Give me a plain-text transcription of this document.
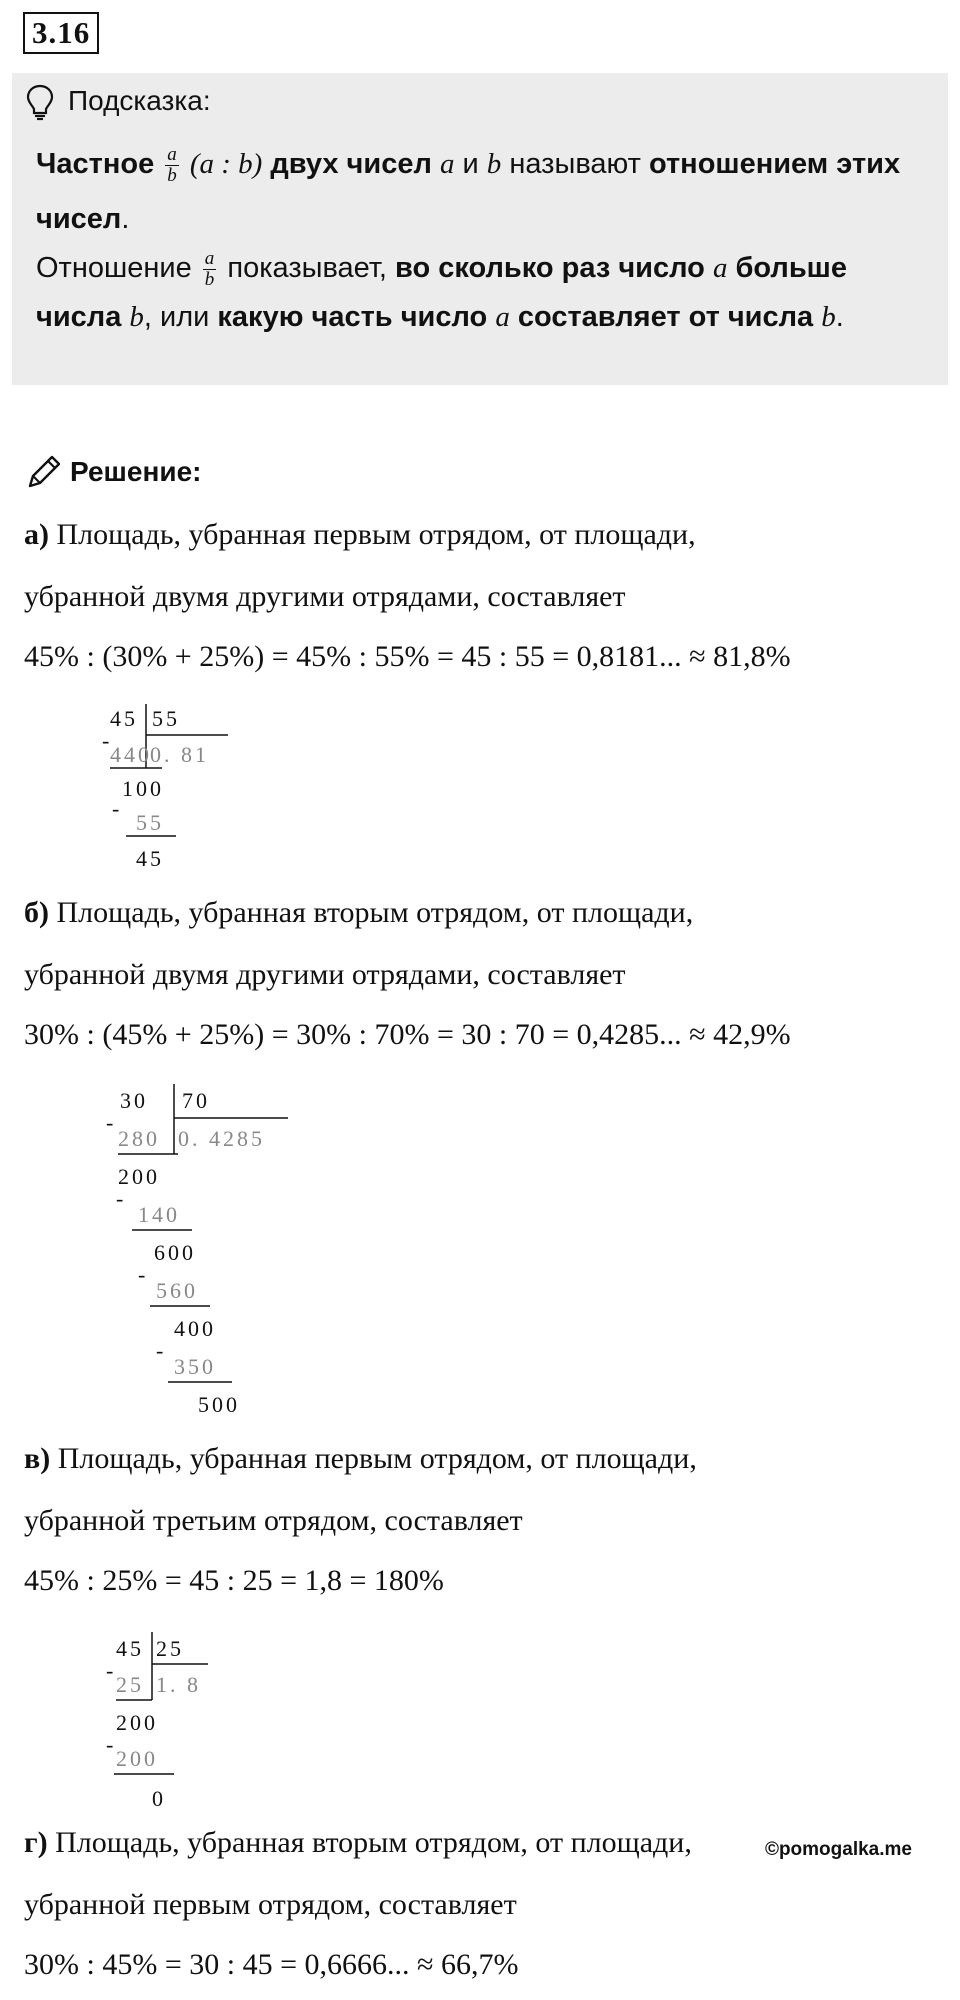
3.16
Подсказка:
Частное $\frac{a}{b} (a$ : b) двух чисел a и b называют отношением этих
чисел.
Отношение $\frac{a}{b}$ показывает, во сколько раз число a больше
числа b, или какую часть число a составляет от числа b.
Решение:
а) Площадь, убранная первым отрядом, от площади,
убранной двумя другими отрядами, составляет
45% : (30% + 25%) = 45% : 55% = 45 : 55 = 0,8181... ≈ 81,8%
45 55
-
440
0. 81
100
-
55
45
б) Площадь, убранная вторым отрядом, от площади,
убранной двумя другими отрядами, составляет
30% : (45% + 25%) = 30% : 70% = 30 : 70 = 0,4285... ≈ 42,9%
30 70
-
280 0. 4285
200
-
140
600
-
560
400
-
350
500
в) Площадь, убранная первым отрядом, от площади,
убранной третьим отрядом, составляет
45% : 25% = 45 : 25 = 1,8 = 180%
45 25
-
25 1. 8
200
-
200
0
г) Площадь, убранная вторым отрядом, от площади,	©pomogalka.me
убранной первым отрядом, составляет
30% : 45% = 30 : 45 = 0,6666... ≈ 66,7%
